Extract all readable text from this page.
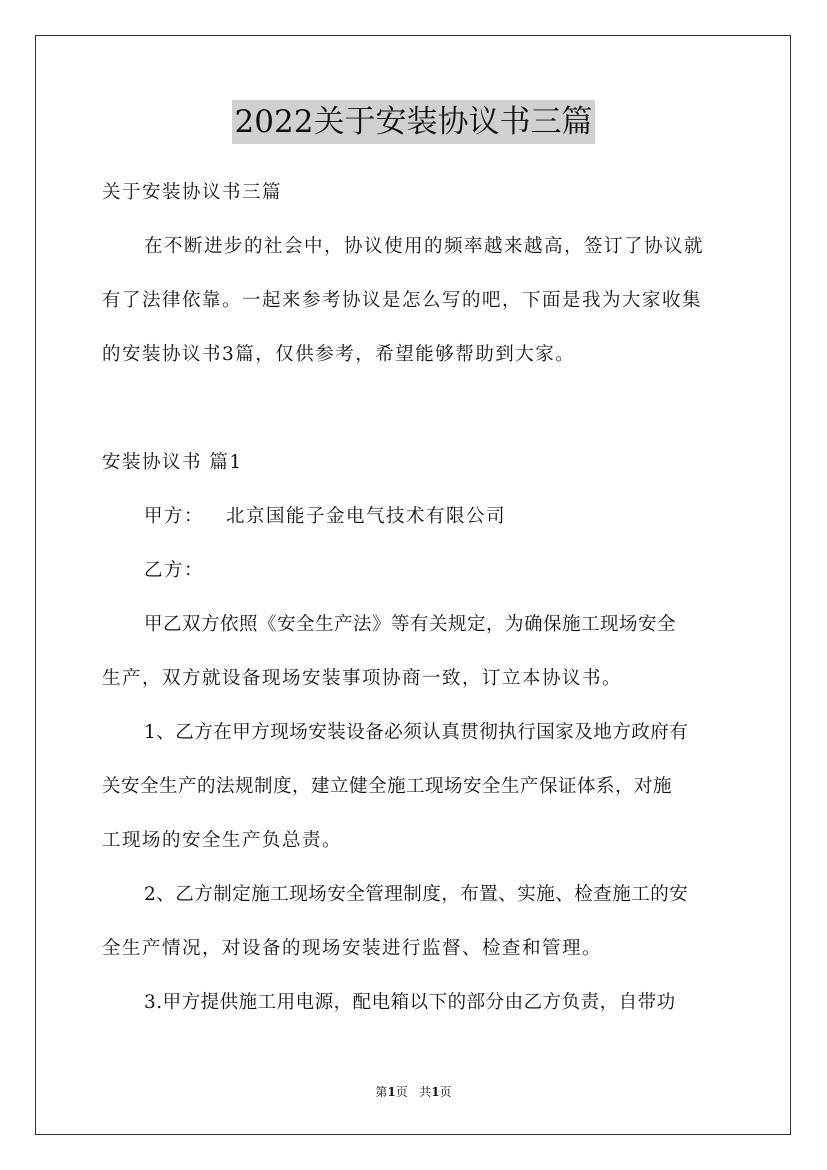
2022关于安装协议书三篇
关于安装协议书三篇
在不断进步的社会中，协议使用的频率越来越高，签订了协议就
有了法律依靠。一起来参考协议是怎么写的吧，下面是我为大家收集
的安装协议书3篇，仅供参考，希望能够帮助到大家。
安装协议书 篇1
甲方： 北京国能子金电气技术有限公司
乙方：
甲乙双方依照《安全生产法》等有关规定，为确保施工现场安全
生产，双方就设备现场安装事项协商一致，订立本协议书。
1、乙方在甲方现场安装设备必须认真贯彻执行国家及地方政府有
关安全生产的法规制度，建立健全施工现场安全生产保证体系，对施
工现场的安全生产负总责。
2、乙方制定施工现场安全管理制度，布置、实施、检查施工的安
全生产情况，对设备的现场安装进行监督、检查和管理。
3.甲方提供施工用电源，配电箱以下的部分由乙方负责，自带功
第1页 共1页
